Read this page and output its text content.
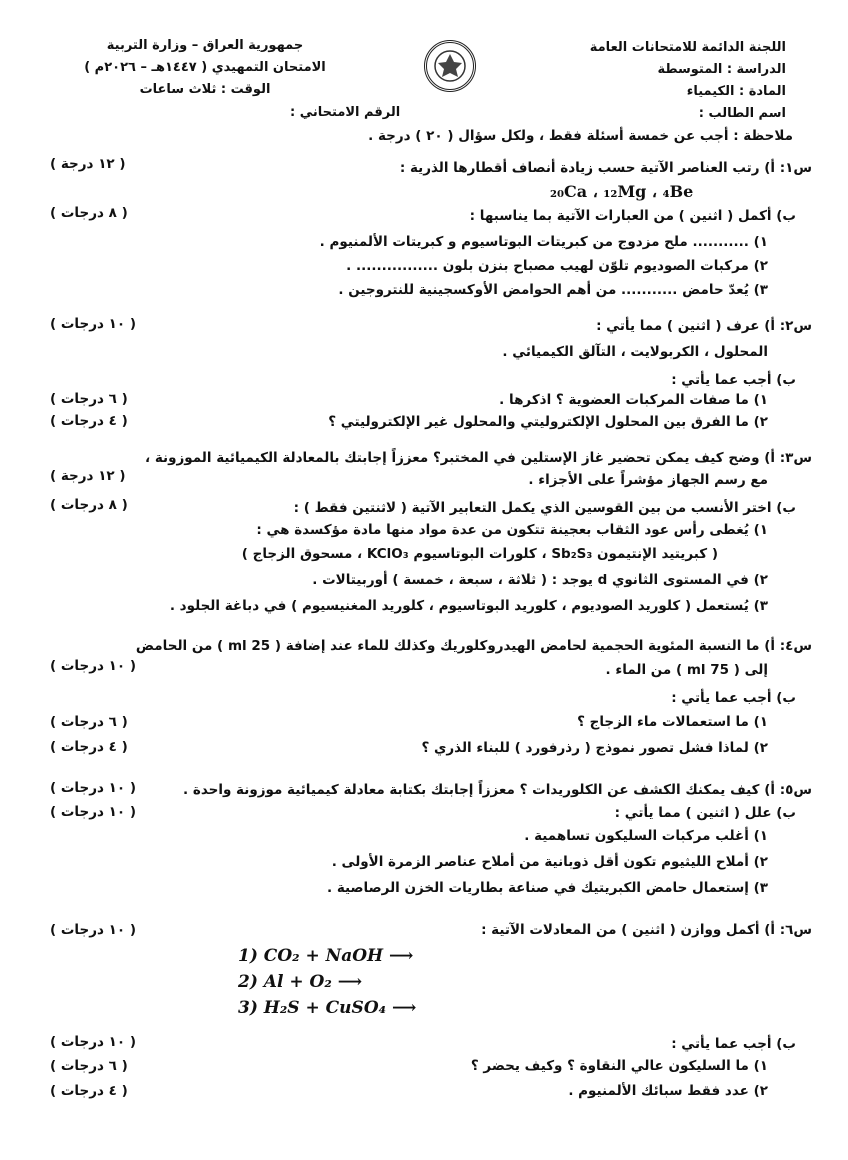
اللجنة الدائمة للامتحانات العامة
الدراسة : المتوسطة
المادة : الكيمياء
اسم الطالب :
جمهورية العراق – وزارة التربية
الامتحان التمهيدي ( ١٤٤٧هـ – ٢٠٢٦م )
الوقت : ثلاث ساعات
الرقم الامتحاني :
ملاحظة : أجب عن خمسة أسئلة فقط ، ولكل سؤال ( ٢٠ ) درجة .
س١: أ) رتب العناصر الآتية حسب زيادة أنصاف أقطارها الذرية :
( ١٢ درجة )
₂₀Ca ، ₁₂Mg ، ₄Be
ب) أكمل ( اثنين ) من العبارات الآتية بما يناسبها :
( ٨ درجات )
١) ........... ملح مزدوج من كبريتات البوتاسيوم و كبريتات الألمنيوم .
٢) مركبات الصوديوم تلوّن لهيب مصباح بنزن بلون ................ .
٣) يُعدّ حامض ........... من أهم الحوامض الأوكسجينية للنتروجين .
س٢: أ) عرف ( اثنين ) مما يأتي :
( ١٠ درجات )
المحلول ، الكربولايت ، التآلق الكيميائي .
ب) أجب عما يأتي :
١) ما صفات المركبات العضوية ؟ اذكرها .
( ٦ درجات )
٢) ما الفرق بين المحلول الإلكتروليتي والمحلول غير الإلكتروليتي ؟
( ٤ درجات )
س٣: أ) وضح كيف يمكن تحضير غاز الإستلين في المختبر؟ معززاً إجابتك بالمعادلة الكيميائية الموزونة ،
مع رسم الجهاز مؤشراً على الأجزاء .
( ١٢ درجة )
ب) اختر الأنسب من بين القوسين الذي يكمل التعابير الآتية ( لاثنتين فقط ) :
( ٨ درجات )
١) يُغطى رأس عود الثقاب بعجينة تتكون من عدة مواد منها مادة مؤكسدة هي :
( كبريتيد الإنتيمون Sb₂S₃ ، كلورات البوتاسيوم KClO₃ ، مسحوق الزجاج )
٢) في المستوى الثانوي d يوجد : ( ثلاثة ، سبعة ، خمسة ) أوربيتالات .
٣) يُستعمل ( كلوريد الصوديوم ، كلوريد البوتاسيوم ، كلوريد المغنيسيوم ) في دباغة الجلود .
س٤: أ) ما النسبة المئوية الحجمية لحامض الهيدروكلوريك وكذلك للماء عند إضافة ( 25 ml ) من الحامض
إلى ( 75 ml ) من الماء .
( ١٠ درجات )
ب) أجب عما يأتي :
١) ما استعمالات ماء الزجاج ؟
( ٦ درجات )
٢) لماذا فشل تصور نموذج ( رذرفورد ) للبناء الذري ؟
( ٤ درجات )
س٥: أ) كيف يمكنك الكشف عن الكلوريدات ؟ معززاً إجابتك بكتابة معادلة كيميائية موزونة واحدة .
( ١٠ درجات )
ب) علل ( اثنين ) مما يأتي :
( ١٠ درجات )
١) أغلب مركبات السليكون تساهمية .
٢) أملاح الليثيوم تكون أقل ذوبانية من أملاح عناصر الزمرة الأولى .
٣) إستعمال حامض الكبريتيك في صناعة بطاريات الخزن الرصاصية .
س٦: أ) أكمل ووازن ( اثنين ) من المعادلات الآتية :
( ١٠ درجات )
1) CO₂ + NaOH ⟶
2) Al + O₂ ⟶
3) H₂S + CuSO₄ ⟶
ب) أجب عما يأتي :
( ١٠ درجات )
١) ما السليكون عالي النقاوة ؟ وكيف يحضر ؟
( ٦ درجات )
٢) عدد فقط سبائك الألمنيوم .
( ٤ درجات )
